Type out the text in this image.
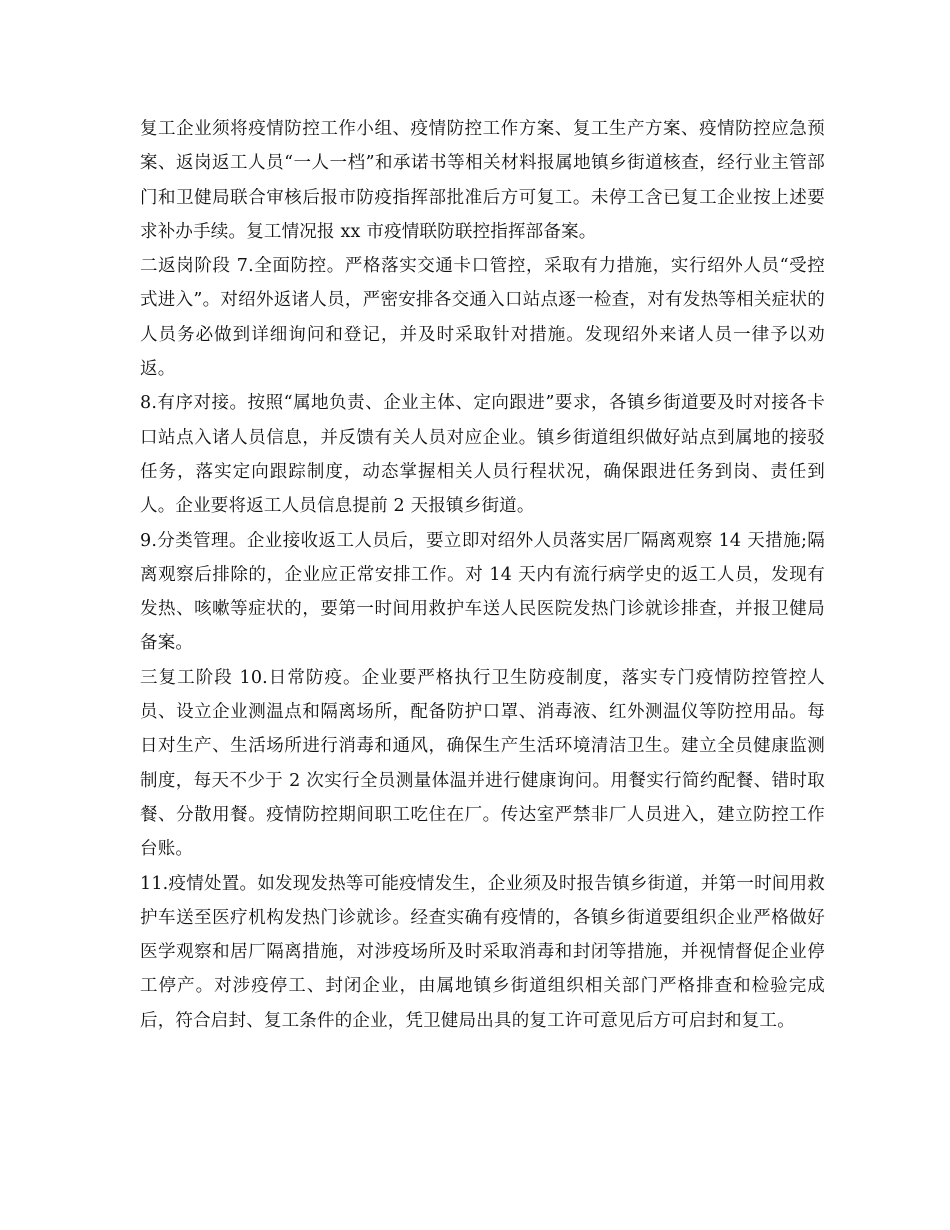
复工企业须将疫情防控工作小组、疫情防控工作方案、复工生产方案、疫情防控应急预案、返岗返工人员“一人一档”和承诺书等相关材料报属地镇乡街道核查，经行业主管部门和卫健局联合审核后报市防疫指挥部批准后方可复工。未停工含已复工企业按上述要求补办手续。复工情况报 xx 市疫情联防联控指挥部备案。

二返岗阶段 7.全面防控。严格落实交通卡口管控，采取有力措施，实行绍外人员“受控式进入”。对绍外返诸人员，严密安排各交通入口站点逐一检查，对有发热等相关症状的人员务必做到详细询问和登记，并及时采取针对措施。发现绍外来诸人员一律予以劝返。

8.有序对接。按照“属地负责、企业主体、定向跟进”要求，各镇乡街道要及时对接各卡口站点入诸人员信息，并反馈有关人员对应企业。镇乡街道组织做好站点到属地的接驳任务，落实定向跟踪制度，动态掌握相关人员行程状况，确保跟进任务到岗、责任到人。企业要将返工人员信息提前 2 天报镇乡街道。

9.分类管理。企业接收返工人员后，要立即对绍外人员落实居厂隔离观察 14 天措施;隔离观察后排除的，企业应正常安排工作。对 14 天内有流行病学史的返工人员，发现有发热、咳嗽等症状的，要第一时间用救护车送人民医院发热门诊就诊排查，并报卫健局备案。

三复工阶段 10.日常防疫。企业要严格执行卫生防疫制度，落实专门疫情防控管控人员、设立企业测温点和隔离场所，配备防护口罩、消毒液、红外测温仪等防控用品。每日对生产、生活场所进行消毒和通风，确保生产生活环境清洁卫生。建立全员健康监测制度，每天不少于 2 次实行全员测量体温并进行健康询问。用餐实行简约配餐、错时取餐、分散用餐。疫情防控期间职工吃住在厂。传达室严禁非厂人员进入，建立防控工作台账。

11.疫情处置。如发现发热等可能疫情发生，企业须及时报告镇乡街道，并第一时间用救护车送至医疗机构发热门诊就诊。经查实确有疫情的，各镇乡街道要组织企业严格做好医学观察和居厂隔离措施，对涉疫场所及时采取消毒和封闭等措施，并视情督促企业停工停产。对涉疫停工、封闭企业，由属地镇乡街道组织相关部门严格排查和检验完成后，符合启封、复工条件的企业，凭卫健局出具的复工许可意见后方可启封和复工。
